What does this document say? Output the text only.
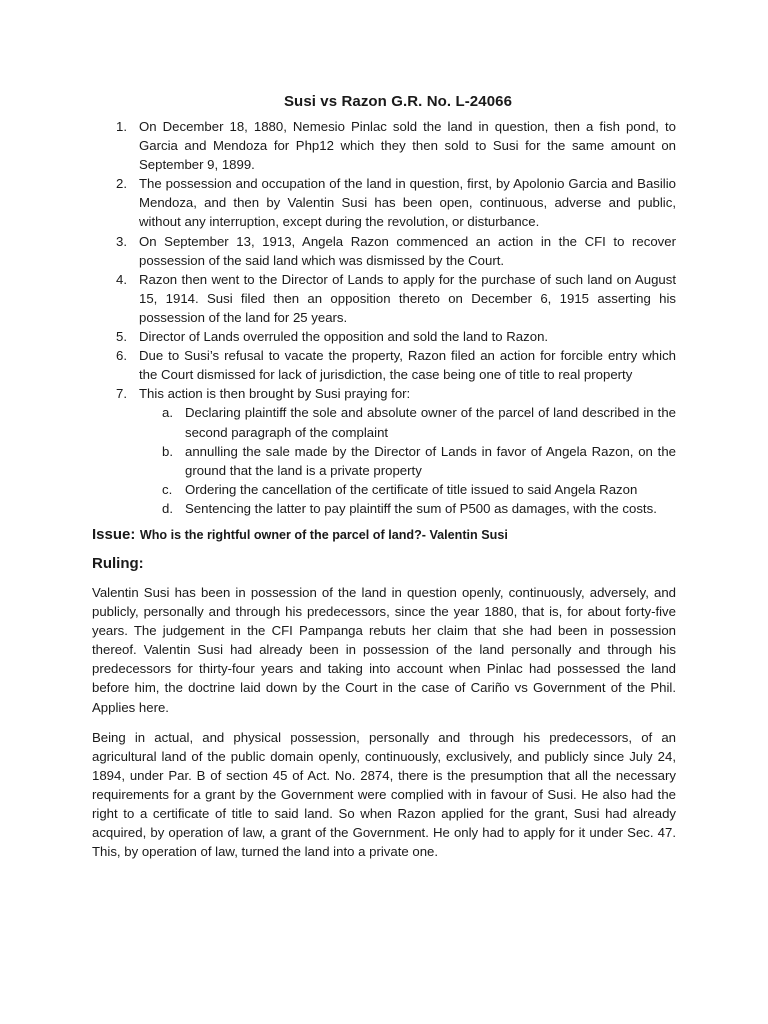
Susi vs Razon G.R. No. L-24066
1. On December 18, 1880, Nemesio Pinlac sold the land in question, then a fish pond, to Garcia and Mendoza for Php12 which they then sold to Susi for the same amount on September 9, 1899.
2. The possession and occupation of the land in question, first, by Apolonio Garcia and Basilio Mendoza, and then by Valentin Susi has been open, continuous, adverse and public, without any interruption, except during the revolution, or disturbance.
3. On September 13, 1913, Angela Razon commenced an action in the CFI to recover possession of the said land which was dismissed by the Court.
4. Razon then went to the Director of Lands to apply for the purchase of such land on August 15, 1914. Susi filed then an opposition thereto on December 6, 1915 asserting his possession of the land for 25 years.
5. Director of Lands overruled the opposition and sold the land to Razon.
6. Due to Susi’s refusal to vacate the property, Razon filed an action for forcible entry which the Court dismissed for lack of jurisdiction, the case being one of title to real property
7. This action is then brought by Susi praying for:
a. Declaring plaintiff the sole and absolute owner of the parcel of land described in the second paragraph of the complaint
b. annulling the sale made by the Director of Lands in favor of Angela Razon, on the ground that the land is a private property
c. Ordering the cancellation of the certificate of title issued to said Angela Razon
d. Sentencing the latter to pay plaintiff the sum of P500 as damages, with the costs.
Issue: Who is the rightful owner of the parcel of land?- Valentin Susi
Ruling:
Valentin Susi has been in possession of the land in question openly, continuously, adversely, and publicly, personally and through his predecessors, since the year 1880, that is, for about forty-five years. The judgement in the CFI Pampanga rebuts her claim that she had been in possession thereof. Valentin Susi had already been in possession of the land personally and through his predecessors for thirty-four years and taking into account when Pinlac had possessed the land before him, the doctrine laid down by the Court in the case of Cariño vs Government of the Phil. Applies here.
Being in actual, and physical possession, personally and through his predecessors, of an agricultural land of the public domain openly, continuously, exclusively, and publicly since July 24, 1894, under Par. B of section 45 of Act. No. 2874, there is the presumption that all the necessary requirements for a grant by the Government were complied with in favour of Susi. He also had the right to a certificate of title to said land. So when Razon applied for the grant, Susi had already acquired, by operation of law, a grant of the Government. He only had to apply for it under Sec. 47. This, by operation of law, turned the land into a private one.
